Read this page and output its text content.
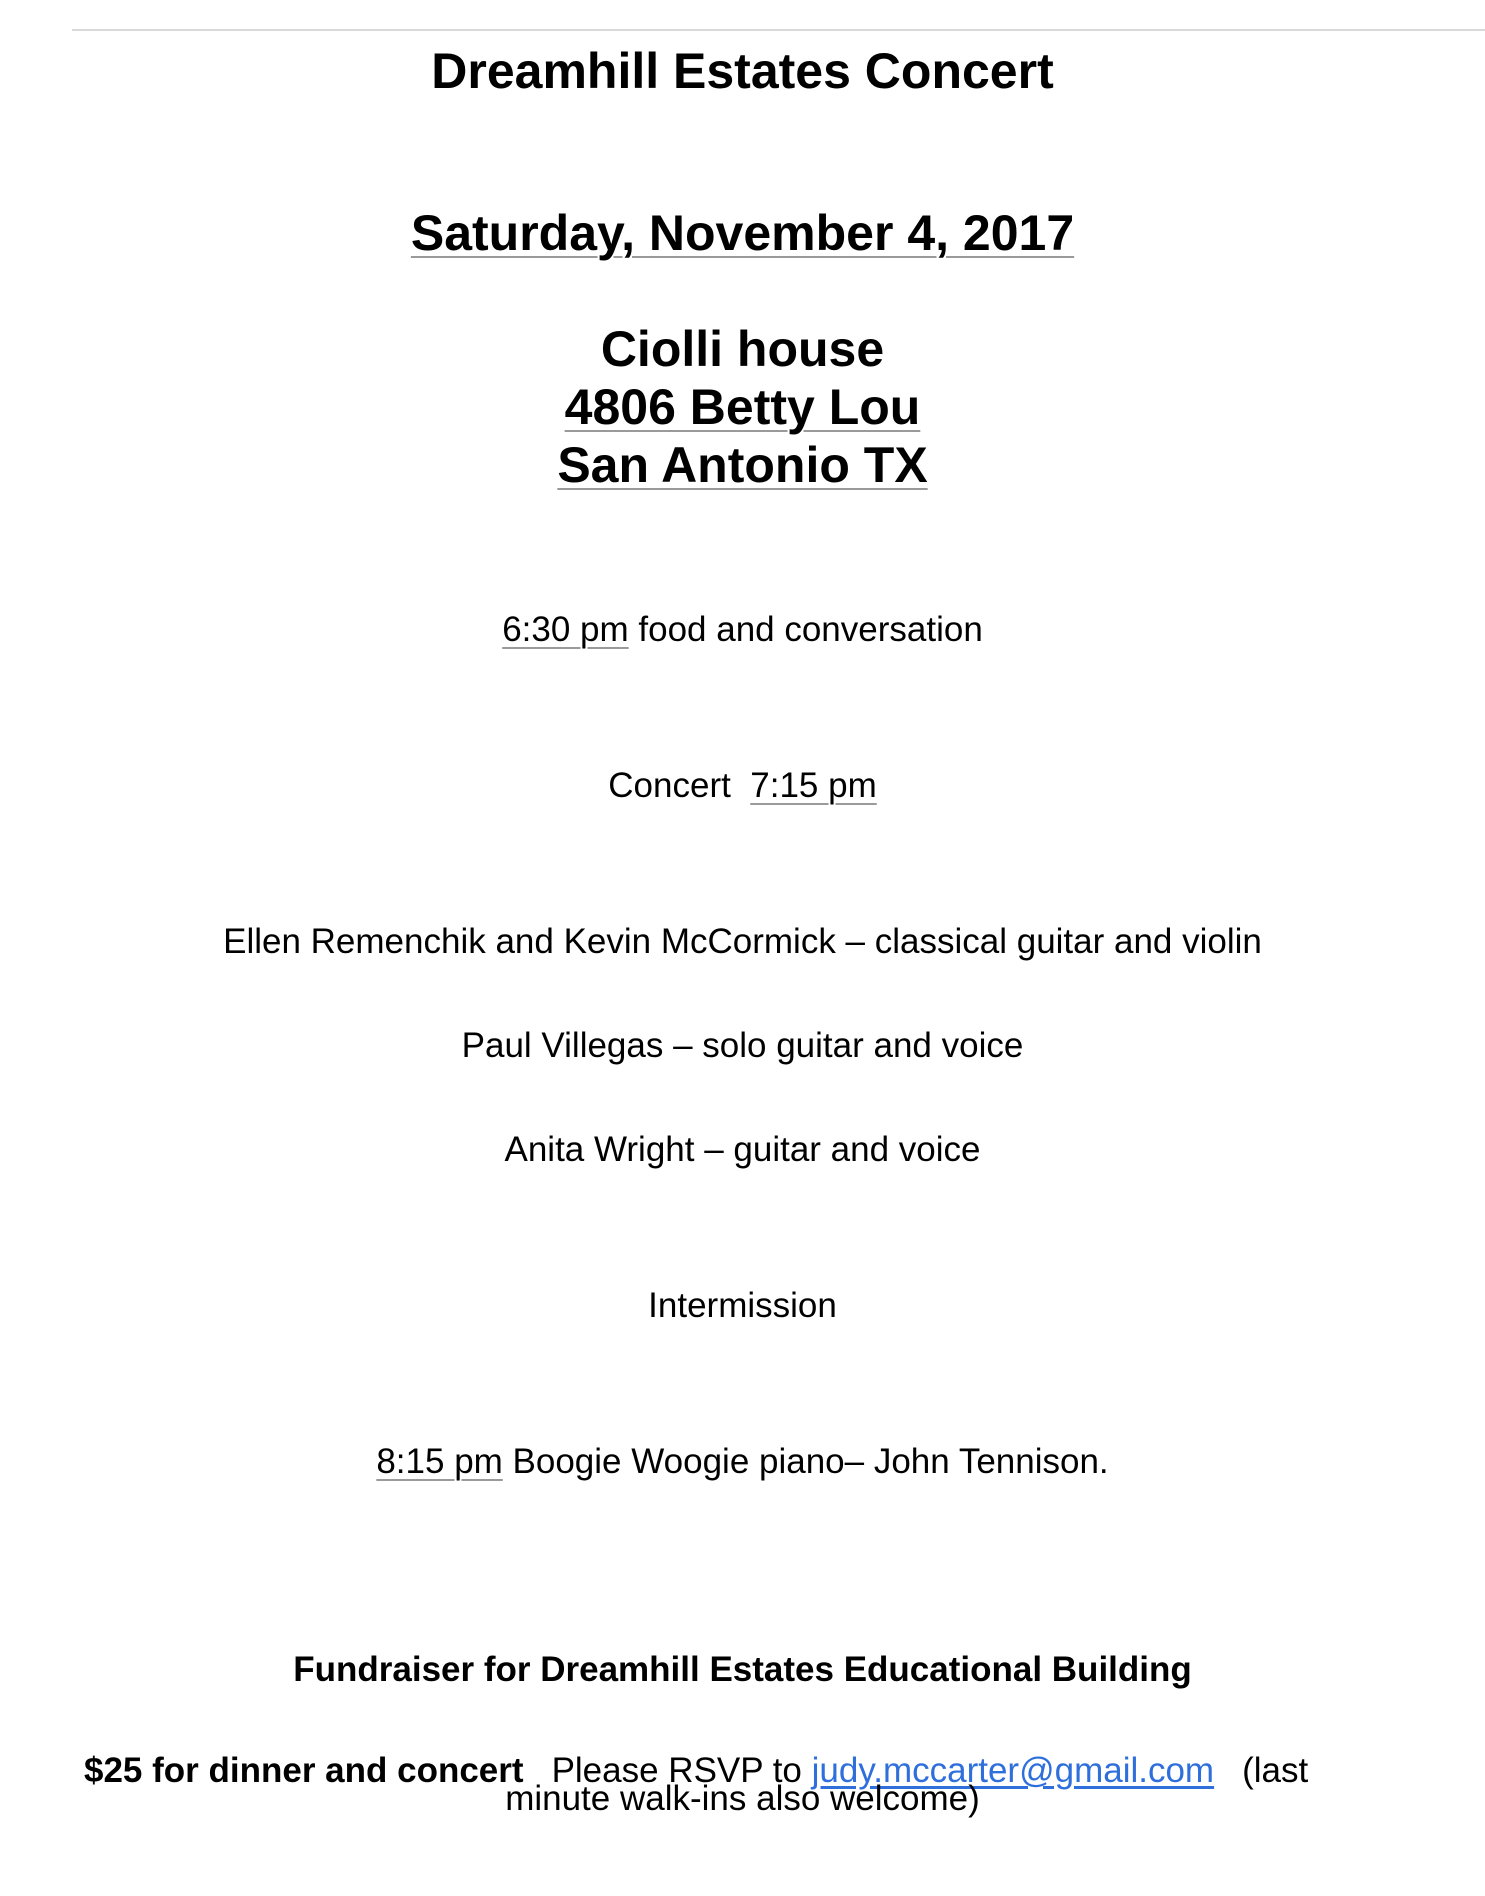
Dreamhill Estates Concert
Saturday, November 4, 2017
Ciolli house
4806 Betty Lou
San Antonio TX
6:30 pm food and conversation
Concert  7:15 pm
Ellen Remenchik and Kevin McCormick – classical guitar and violin
Paul Villegas – solo guitar and voice
Anita Wright – guitar and voice
Intermission
8:15 pm Boogie Woogie piano– John Tennison.
Fundraiser for Dreamhill Estates Educational Building
$25 for dinner and concert Please RSVP to judy.mccarter@gmail.com (last
minute walk-ins also welcome)
